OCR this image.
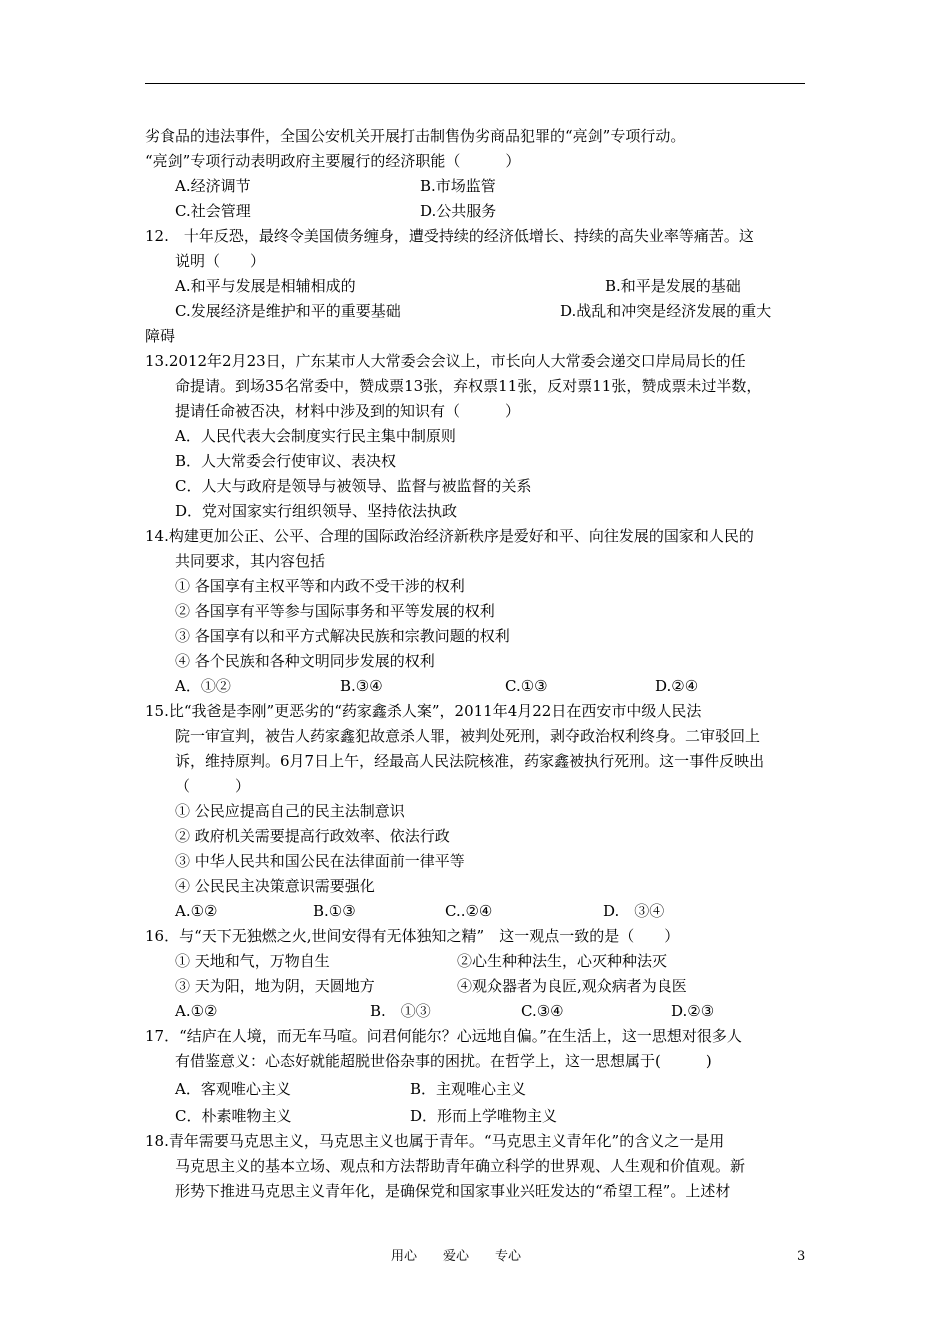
劣食品的违法事件，全国公安机关开展打击制售伪劣商品犯罪的“亮剑”专项行动。
“亮剑”专项行动表明政府主要履行的经济职能（　　　）
A.经济调节	B.市场监管
C.社会管理	D.公共服务
12.　十年反恐，最终令美国债务缠身，遭受持续的经济低增长、持续的高失业率等痛苦。这
说明（　　）
A.和平与发展是相辅相成的	B.和平是发展的基础
C.发展经济是维护和平的重要基础	D.战乱和冲突是经济发展的重大
障碍
13.2012年2月23日，广东某市人大常委会会议上，市长向人大常委会递交口岸局局长的任
命提请。到场35名常委中，赞成票13张，弃权票11张，反对票11张，赞成票未过半数，
提请任命被否决，材料中涉及到的知识有（　　　）
A．人民代表大会制度实行民主集中制原则
B．人大常委会行使审议、表决权
C．人大与政府是领导与被领导、监督与被监督的关系
D．党对国家实行组织领导、坚持依法执政
14.构建更加公正、公平、合理的国际政治经济新秩序是爱好和平、向往发展的国家和人民的
共同要求，其内容包括
① 各国享有主权平等和内政不受干涉的权利
② 各国享有平等参与国际事务和平等发展的权利
③ 各国享有以和平方式解决民族和宗教问题的权利
④ 各个民族和各种文明同步发展的权利
A．①②	B.③④	C.①③	D.②④
15.比“我爸是李刚”更恶劣的“药家鑫杀人案”，2011年4月22日在西安市中级人民法
院一审宣判，被告人药家鑫犯故意杀人罪，被判处死刑，剥夺政治权利终身。二审驳回上
诉，维持原判。6月7日上午，经最高人民法院核准，药家鑫被执行死刑。这一事件反映出
（　　　）
① 公民应提高自己的民主法制意识
② 政府机关需要提高行政效率、依法行政
③ 中华人民共和国公民在法律面前一律平等
④ 公民民主决策意识需要强化
A.①②	B.①③	C..②④	D.　③④
16．与“天下无独燃之火,世间安得有无体独知之精”　这一观点一致的是（　　）
① 天地和气，万物自生	②心生种种法生，心灭种种法灭
③ 天为阳，地为阴，天圆地方	④观众器者为良匠,观众病者为良医
A.①②	B.　①③	C.③④	D.②③
17．“结庐在人境，而无车马喧。问君何能尔？心远地自偏。”在生活上，这一思想对很多人
有借鉴意义：心态好就能超脱世俗杂事的困扰。在哲学上，这一思想属于(　　　)
A．客观唯心主义	B．主观唯心主义
C．朴素唯物主义	D．形而上学唯物主义
18.青年需要马克思主义，马克思主义也属于青年。“马克思主义青年化”的含义之一是用
马克思主义的基本立场、观点和方法帮助青年确立科学的世界观、人生观和价值观。新
形势下推进马克思主义青年化，是确保党和国家事业兴旺发达的“希望工程”。上述材
用心　　爱心　　专心	3
